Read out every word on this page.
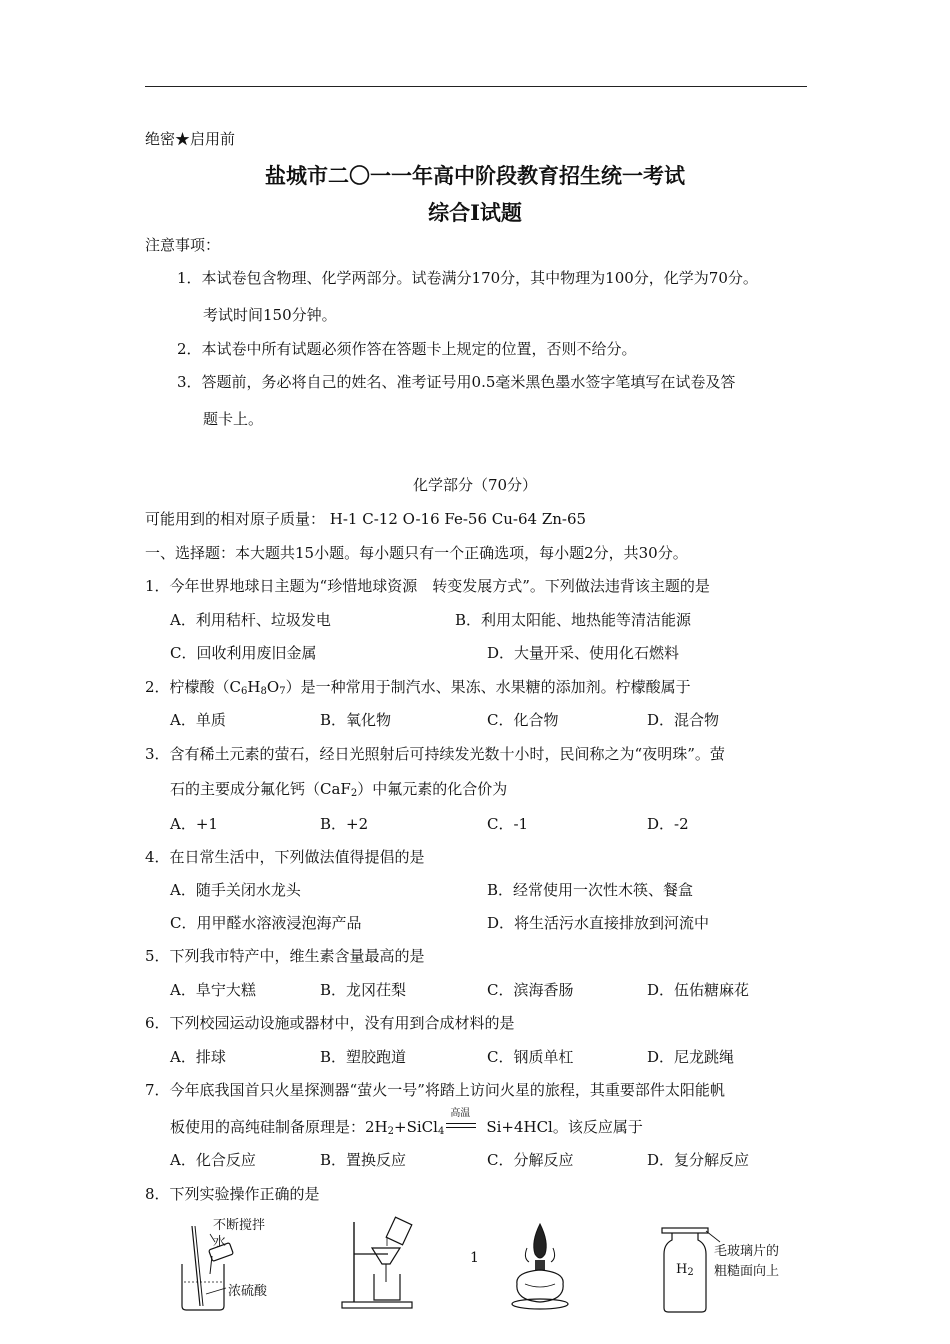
绝密★启用前
盐城市二〇一一年高中阶段教育招生统一考试
综合Ⅰ试题
注意事项：
1．本试卷包含物理、化学两部分。试卷满分170分，其中物理为100分，化学为70分。
考试时间150分钟。
2．本试卷中所有试题必须作答在答题卡上规定的位置，否则不给分。
3．答题前，务必将自己的姓名、准考证号用0.5毫米黑色墨水签字笔填写在试卷及答
题卡上。
化学部分（70分）
可能用到的相对原子质量： H-1 C-12 O-16 Fe-56 Cu-64 Zn-65
一、选择题：本大题共15小题。每小题只有一个正确选项，每小题2分，共30分。
1．今年世界地球日主题为“珍惜地球资源　转变发展方式”。下列做法违背该主题的是
A．利用秸杆、垃圾发电	B．利用太阳能、地热能等清洁能源
C．回收利用废旧金属	D．大量开采、使用化石燃料
2．柠檬酸$(C_6H_8O_7)$是一种常用于制汽水、果冻、水果糖的添加剂。柠檬酸属于
A．单质	B．氧化物	C．化合物	D．混合物
3．含有稀土元素的萤石，经日光照射后可持续发光数十小时，民间称之为“夜明珠”。萤
石的主要成分氟化钙（CaF$_2$）中氟元素的化合价为
A．+1	B．+2	C．-1	D．-2
4．在日常生活中，下列做法值得提倡的是
A．随手关闭水龙头	B．经常使用一次性木筷、餐盒
C．用甲醛水溶液浸泡海产品	D．将生活污水直接排放到河流中
5．下列我市特产中，维生素含量最高的是
A．阜宁大糕	B．龙冈茌梨	C．滨海香肠	D．伍佑糖麻花
6．下列校园运动设施或器材中，没有用到合成材料的是
A．排球	B．塑胶跑道	C．钢质单杠	D．尼龙跳绳
7．今年底我国首只火星探测器“萤火一号”将踏上访问火星的旅程，其重要部件太阳能帆
板使用的高纯硅制备原理是：$2H_2+SiCl_4$
高温
Si+4HCl。该反应属于
A．化合反应	B．置换反应	C．分解反应	D．复分解反应
8．下列实验操作正确的是
不断搅拌
水
浓硫酸
$H_2$
毛玻璃片的
粗糙面向上
1
